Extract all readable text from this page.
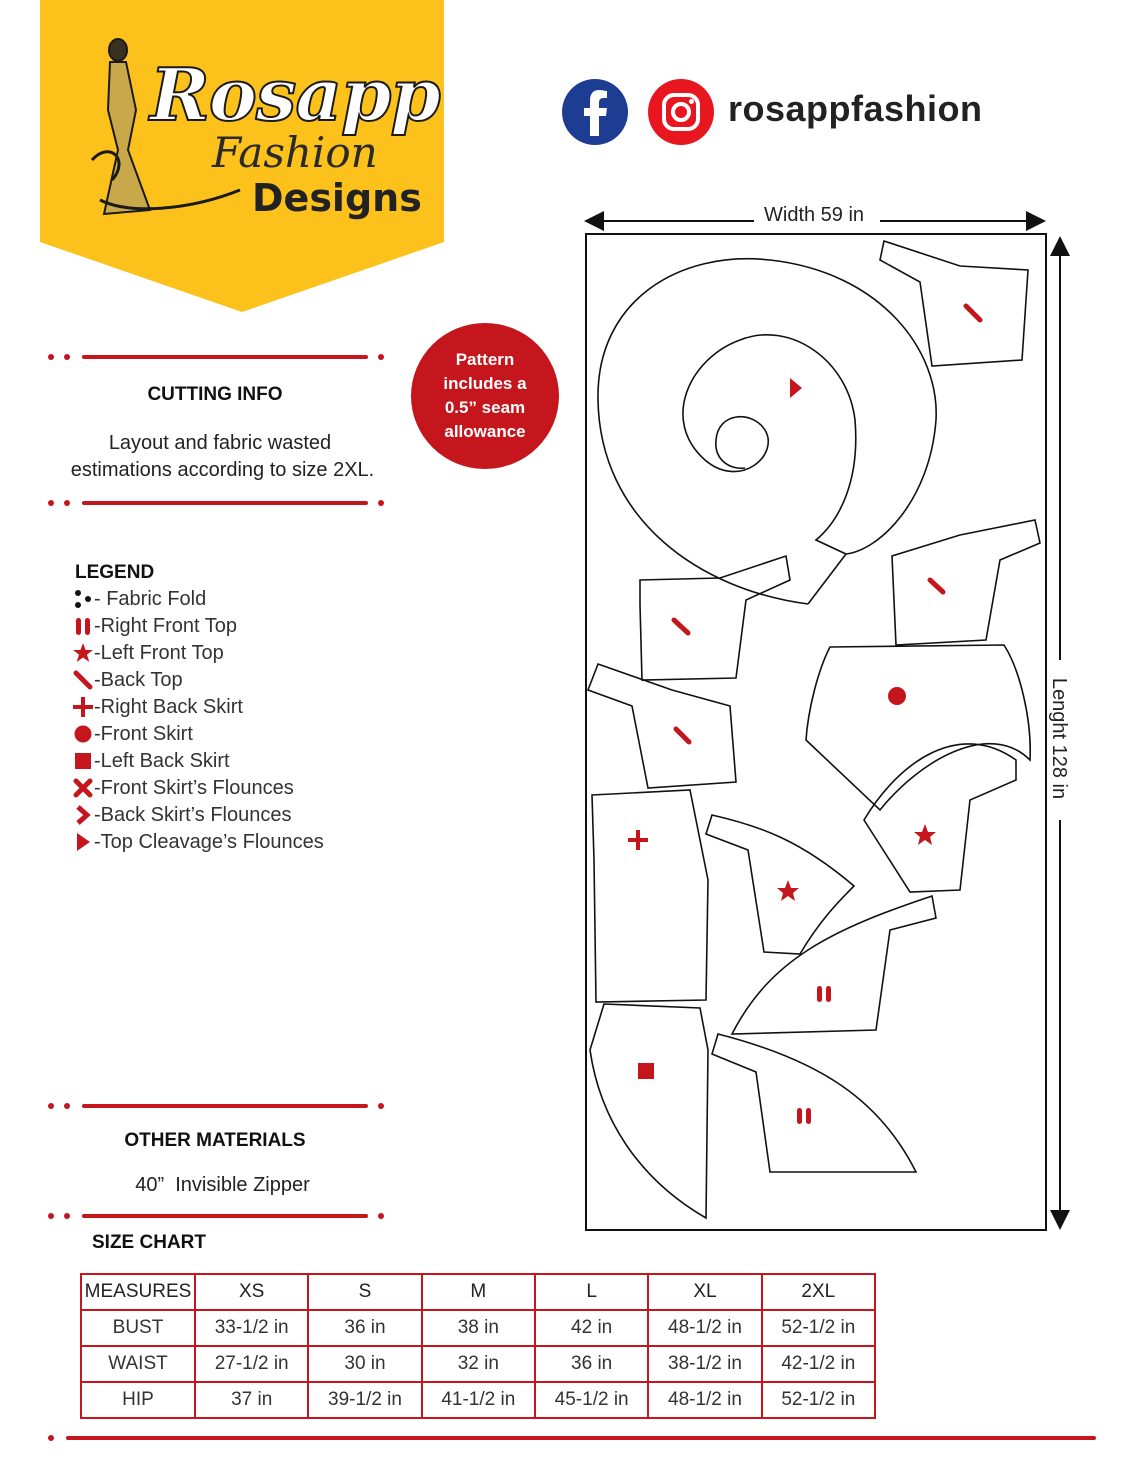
Rosapp
Fashion
Designs
rosappfashion
CUTTING INFO
Layout and fabric wasted
estimations according to size 2XL.
Pattern
includes a
0.5” seam
allowance
LEGEND
- Fabric Fold
-Right Front Top
-Left Front Top
-Back Top
-Right Back Skirt
-Front Skirt
-Left Back Skirt
-Front Skirt’s Flounces
-Back Skirt’s Flounces
-Top Cleavage’s Flounces
OTHER MATERIALS
40”  Invisible Zipper
Width 59 in
Lenght 128 in
SIZE CHART
MEASURES	XS	S	M	L	XL	2XL
BUST	33-1/2 in	36 in	38 in	42 in	48-1/2 in	52-1/2 in
WAIST	27-1/2 in	30 in	32 in	36 in	38-1/2 in	42-1/2 in
HIP	37 in	39-1/2 in	41-1/2 in	45-1/2 in	48-1/2 in	52-1/2 in
